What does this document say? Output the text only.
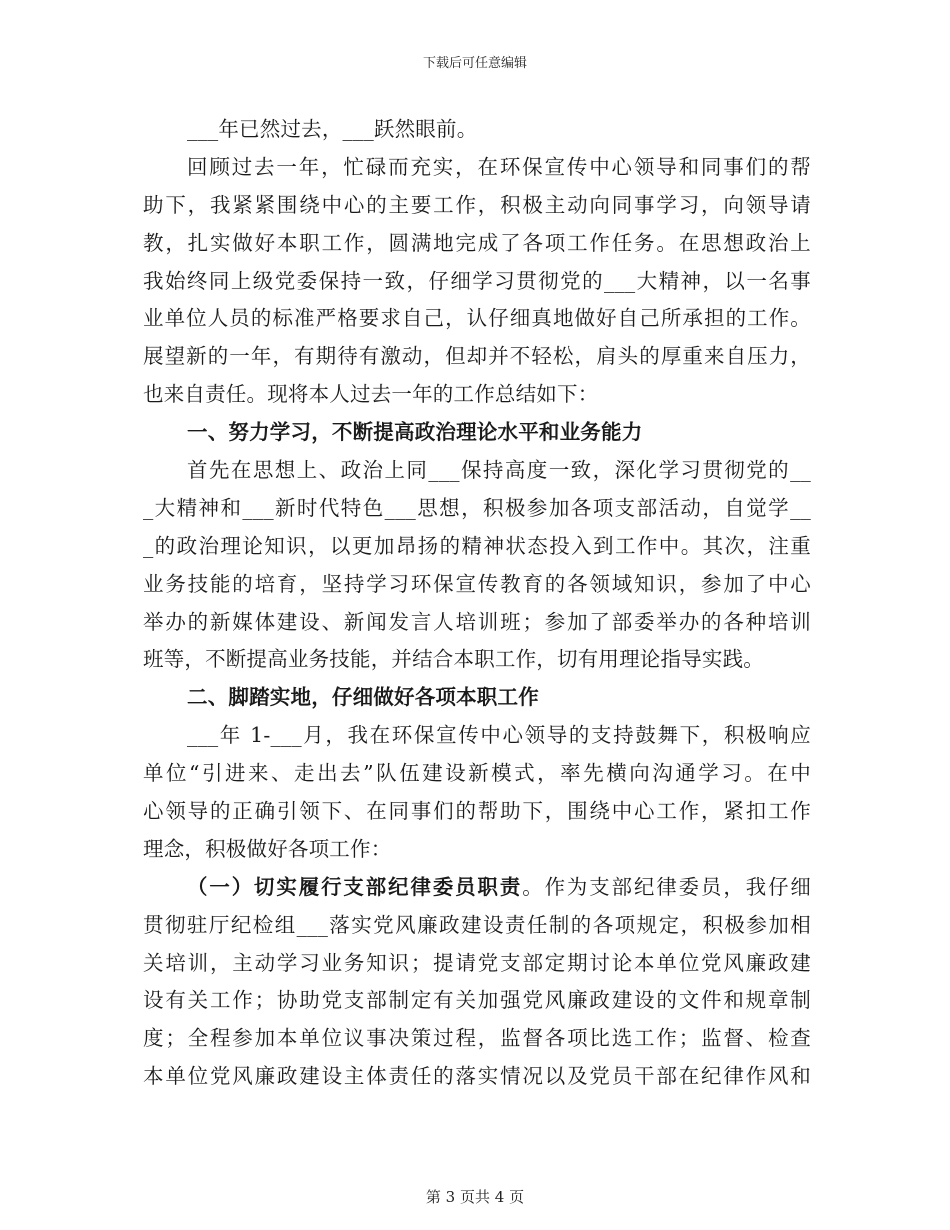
下载后可任意编辑
___年已然过去，___跃然眼前。
回顾过去一年，忙碌而充实，在环保宣传中心领导和同事们的帮
助下，我紧紧围绕中心的主要工作，积极主动向同事学习，向领导请
教，扎实做好本职工作，圆满地完成了各项工作任务。在思想政治上
我始终同上级党委保持一致，仔细学习贯彻党的___大精神，以一名事
业单位人员的标准严格要求自己，认仔细真地做好自己所承担的工作。
展望新的一年，有期待有激动，但却并不轻松，肩头的厚重来自压力，
也来自责任。现将本人过去一年的工作总结如下：
一、努力学习，不断提高政治理论水平和业务能力
首先在思想上、政治上同___保持高度一致，深化学习贯彻党的__
_大精神和___新时代特色___思想，积极参加各项支部活动，自觉学__
_的政治理论知识，以更加昂扬的精神状态投入到工作中。其次，注重
业务技能的培育，坚持学习环保宣传教育的各领域知识，参加了中心
举办的新媒体建设、新闻发言人培训班；参加了部委举办的各种培训
班等，不断提高业务技能，并结合本职工作，切有用理论指导实践。
二、脚踏实地，仔细做好各项本职工作
___年 1-___月，我在环保宣传中心领导的支持鼓舞下，积极响应
单位“引进来、走出去”队伍建设新模式，率先横向沟通学习。在中
心领导的正确引领下、在同事们的帮助下，围绕中心工作，紧扣工作
理念，积极做好各项工作：
（一）切实履行支部纪律委员职责。作为支部纪律委员，我仔细
贯彻驻厅纪检组___落实党风廉政建设责任制的各项规定，积极参加相
关培训，主动学习业务知识；提请党支部定期讨论本单位党风廉政建
设有关工作；协助党支部制定有关加强党风廉政建设的文件和规章制
度；全程参加本单位议事决策过程，监督各项比选工作；监督、检查
本单位党风廉政建设主体责任的落实情况以及党员干部在纪律作风和
第 3 页共 4 页
